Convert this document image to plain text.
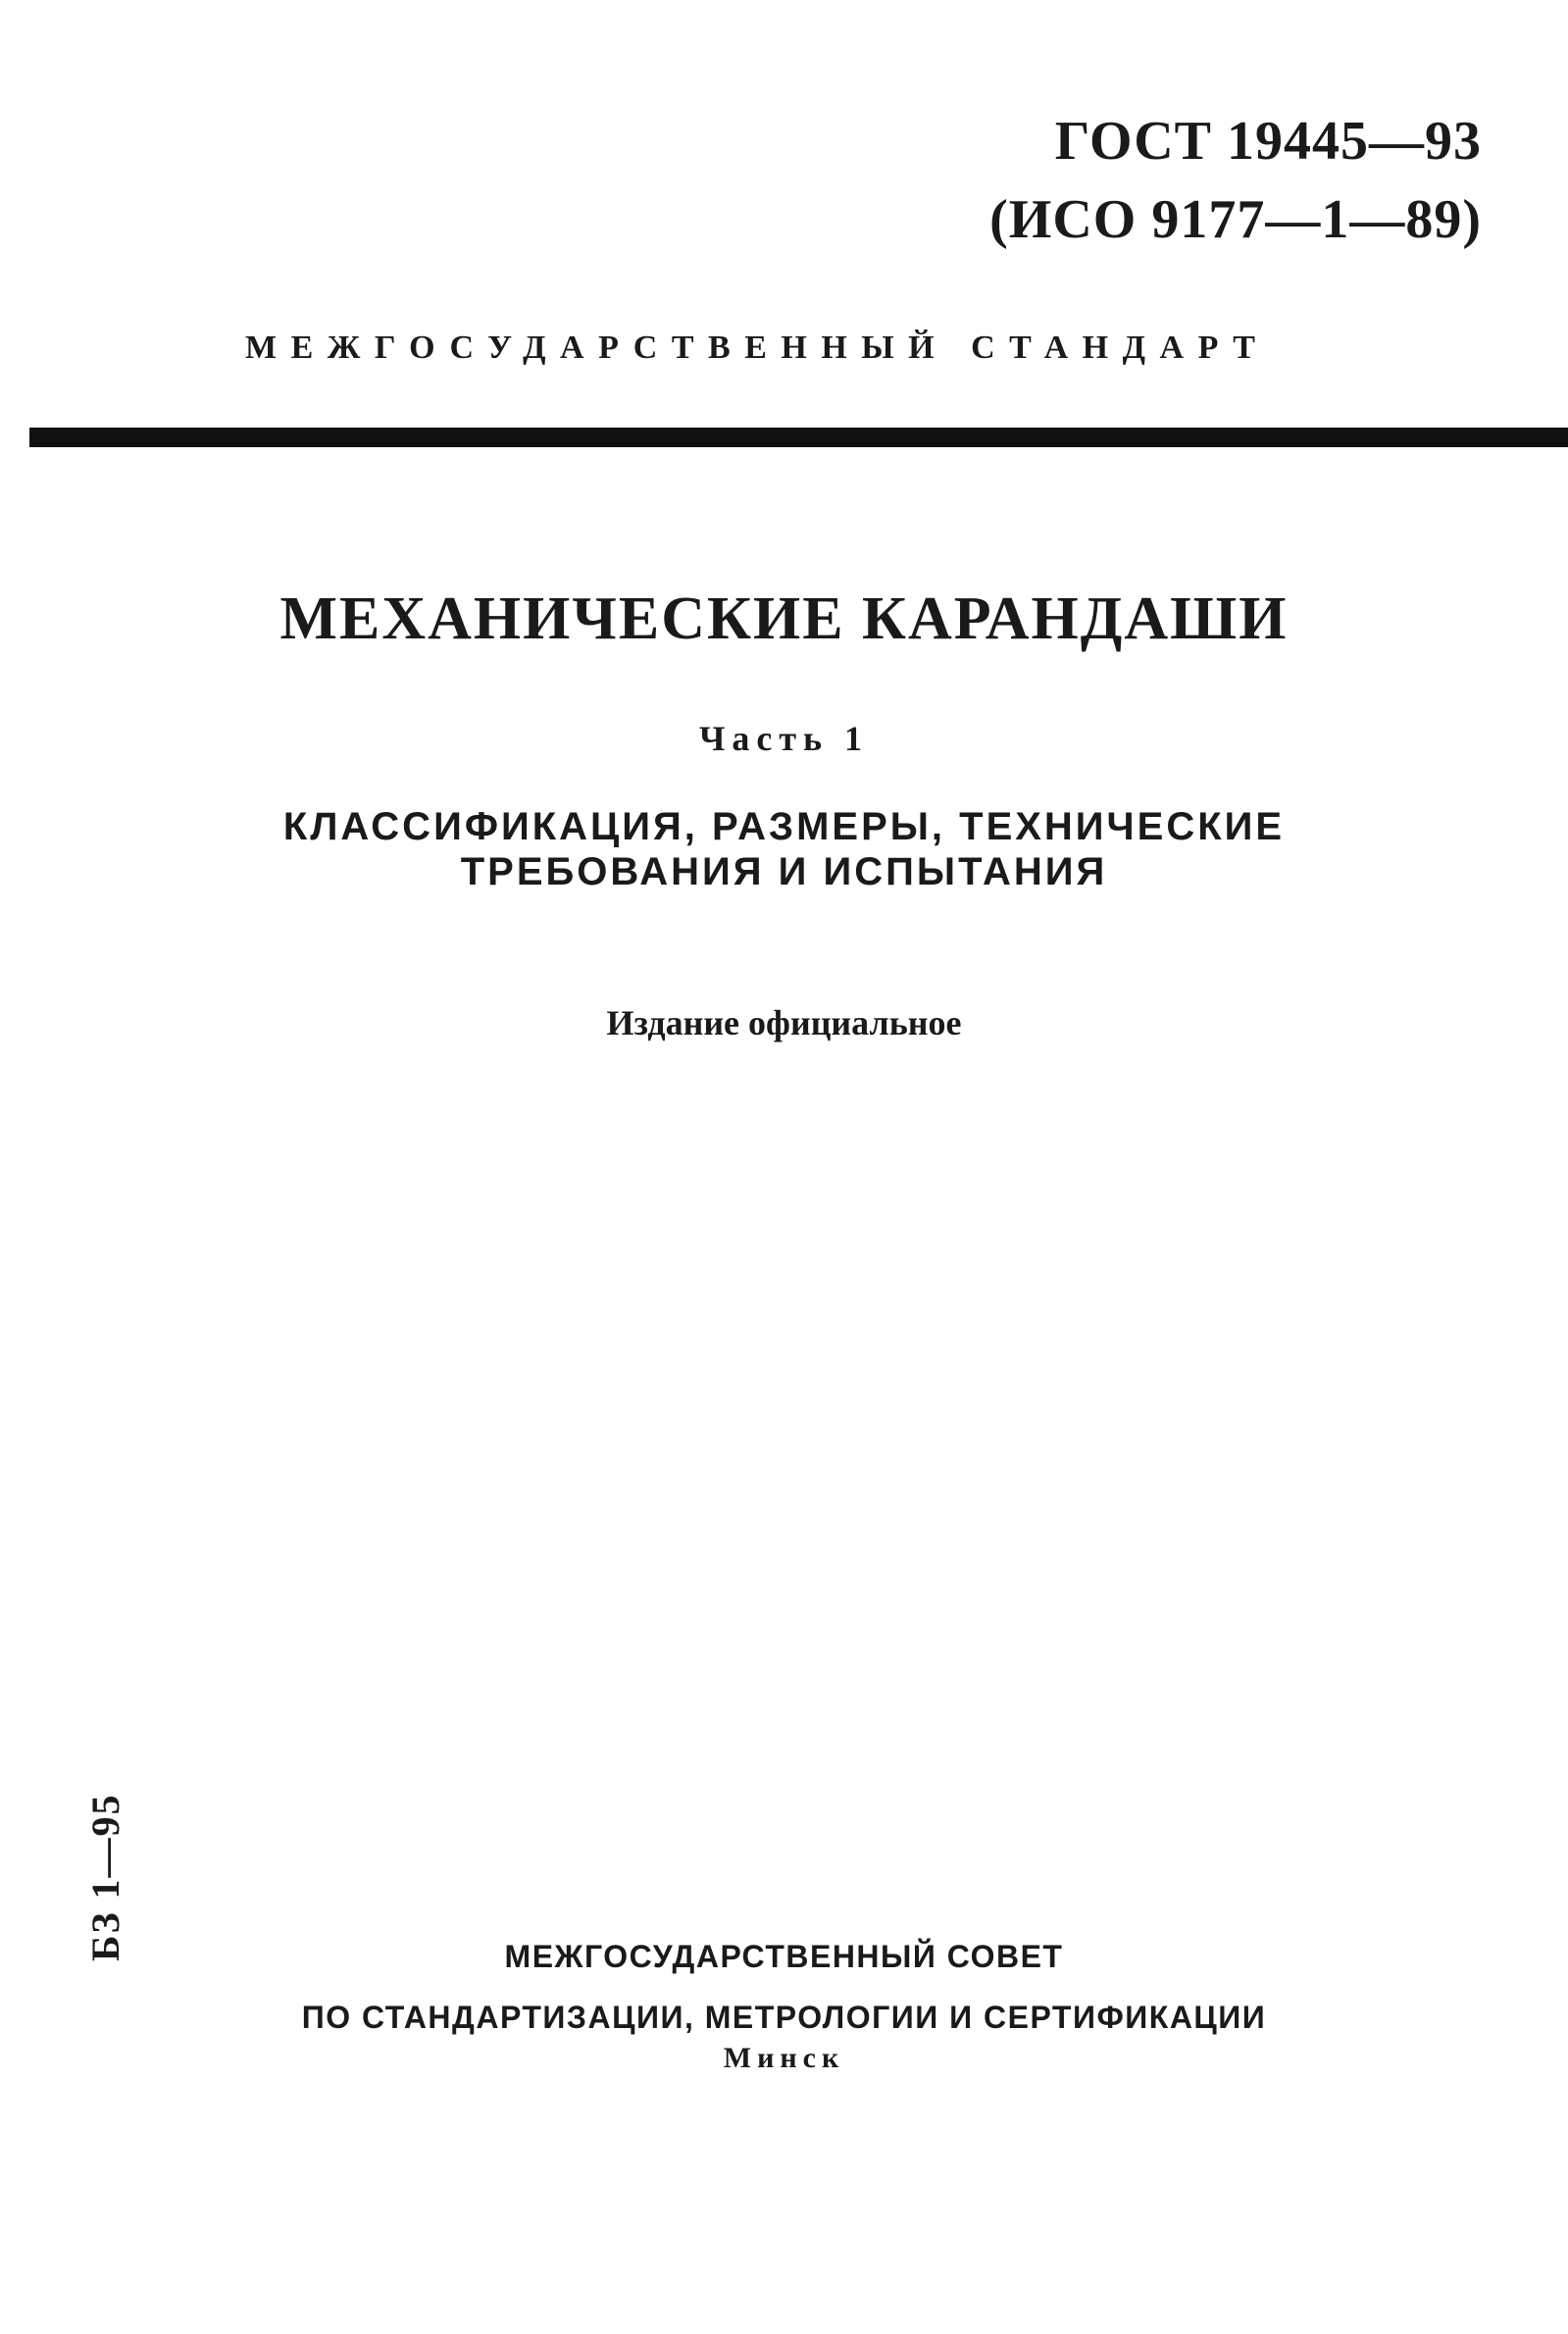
ГОСТ 19445—93
(ИСО 9177—1—89)
МЕЖГОСУДАРСТВЕННЫЙ СТАНДАРТ
МЕХАНИЧЕСКИЕ КАРАНДАШИ
Часть 1
КЛАССИФИКАЦИЯ, РАЗМЕРЫ, ТЕХНИЧЕСКИЕ
ТРЕБОВАНИЯ И ИСПЫТАНИЯ
Издание официальное
БЗ 1—95	МЕЖГОСУДАРСТВЕННЫЙ СОВЕТ
ПО СТАНДАРТИЗАЦИИ, МЕТРОЛОГИИ И СЕРТИФИКАЦИИ
Минск
